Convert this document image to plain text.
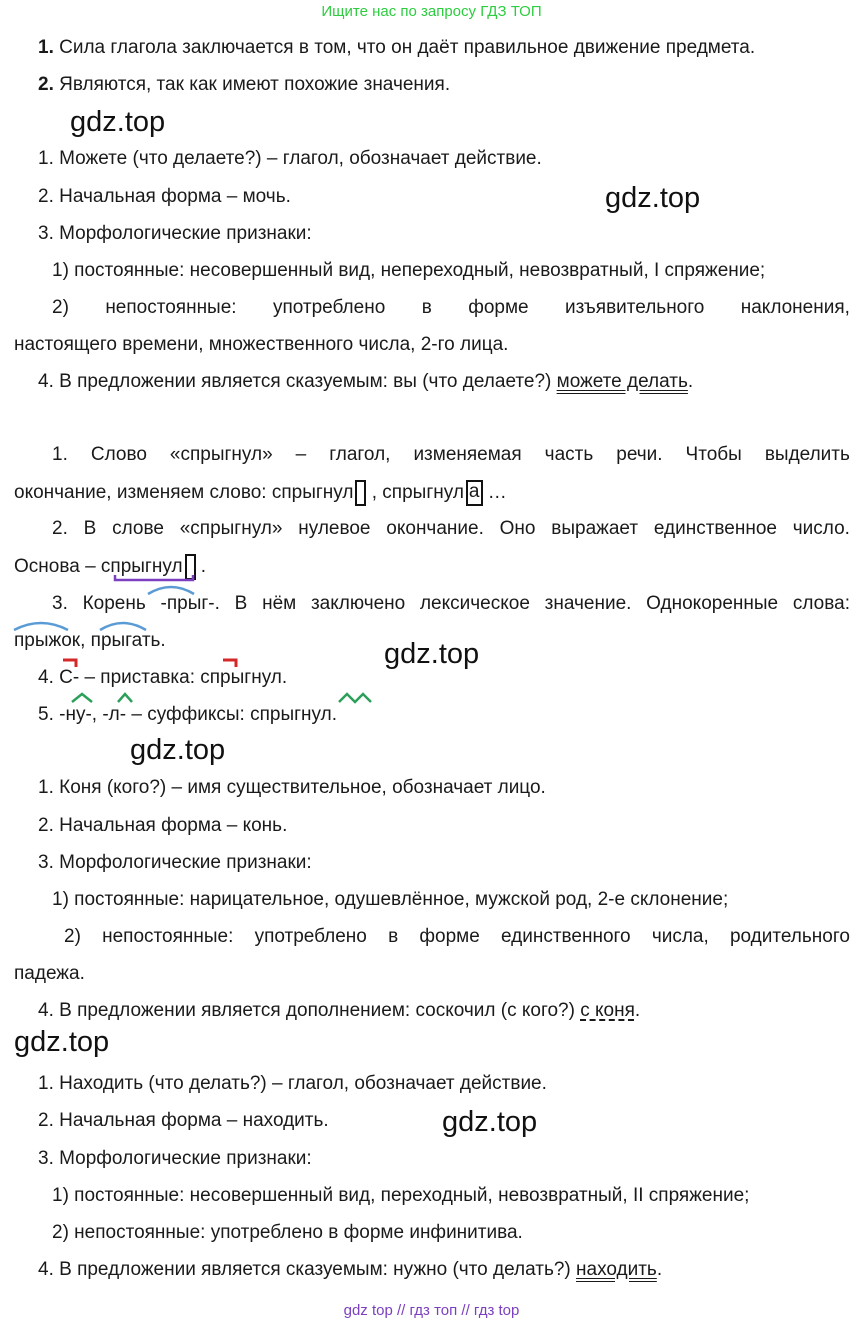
Ищите нас по запросу ГДЗ ТОП
1. Сила глагола заключается в том, что он даёт правильное движение предмета.
2. Являются, так как имеют похожие значения.
gdz.top
1. Можете (что делаете?) – глагол, обозначает действие.
2. Начальная форма – мочь.	gdz.top
3. Морфологические признаки:
1) постоянные: несовершенный вид, непереходный, невозвратный, I спряжение;
2) непостоянные: употреблено в форме изъявительного наклонения,
настоящего времени, множественного числа, 2-го лица.
4. В предложении является сказуемым: вы (что делаете?) можете делать.
1. Слово «спрыгнул» – глагол, изменяемая часть речи. Чтобы выделить
окончание, изменяем слово: спрыгнул , спрыгнул а …
2. В слове «спрыгнул» нулевое окончание. Оно выражает единственное число.
Основа – спрыгнул .
3. Корень -прыг-. В нём заключено лексическое значение. Однокоренные слова:
прыжок, прыгать.	gdz.top
4. С- – приставка: спрыгнул.
5. -ну-, -л- – суффиксы: спрыгнул.
gdz.top
1. Коня (кого?) – имя существительное, обозначает лицо.
2. Начальная форма – конь.
3. Морфологические признаки:
1) постоянные: нарицательное, одушевлённое, мужской род, 2-е склонение;
2) непостоянные: употреблено в форме единственного числа, родительного
падежа.
4. В предложении является дополнением: соскочил (с кого?) с коня.
gdz.top
1. Находить (что делать?) – глагол, обозначает действие.
2. Начальная форма – находить.	gdz.top
3. Морфологические признаки:
1) постоянные: несовершенный вид, переходный, невозвратный, II спряжение;
2) непостоянные: употреблено в форме инфинитива.
4. В предложении является сказуемым: нужно (что делать?) находить.
gdz top // гдз топ // гдз top
